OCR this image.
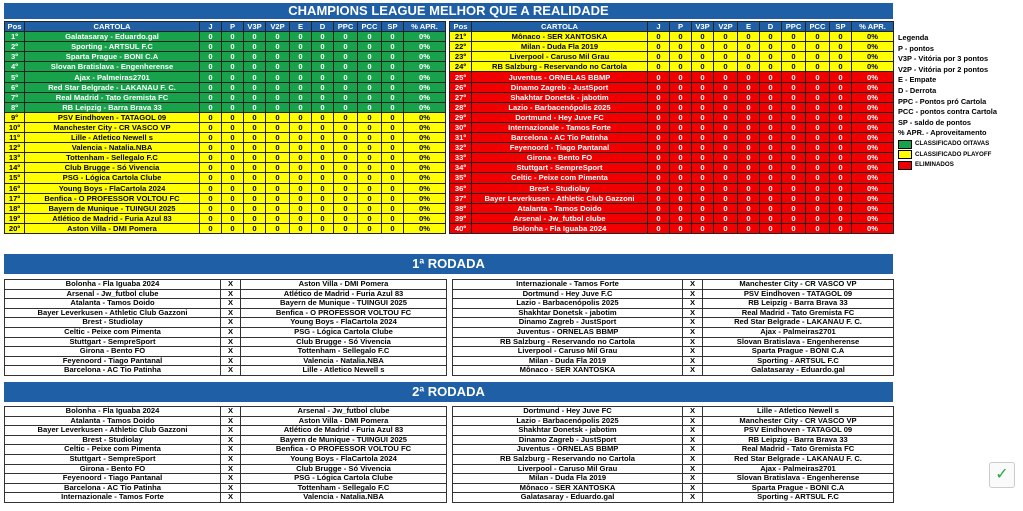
CHAMPIONS LEAGUE MELHOR QUE A REALIDADE
Pos	CARTOLA	J	P	V3P	V2P	E	D	PPC	PCC	SP	% APR.
1º	Galatasaray - Eduardo.gal	0	0	0	0	0	0	0	0	0	0%
2º	Sporting - ARTSUL F.C	0	0	0	0	0	0	0	0	0	0%
3º	Sparta Prague - BONI C.A	0	0	0	0	0	0	0	0	0	0%
4º	Slovan Bratislava - Engenherense	0	0	0	0	0	0	0	0	0	0%
5º	Ajax - Palmeiras2701	0	0	0	0	0	0	0	0	0	0%
6º	Red Star Belgrade - LAKANAU F. C.	0	0	0	0	0	0	0	0	0	0%
7º	Real Madrid - Tato Gremista FC	0	0	0	0	0	0	0	0	0	0%
8º	RB Leipzig - Barra Brava 33	0	0	0	0	0	0	0	0	0	0%
9º	PSV Eindhoven - TATAGOL 09	0	0	0	0	0	0	0	0	0	0%
10º	Manchester City - CR VASCO VP	0	0	0	0	0	0	0	0	0	0%
11º	Lille - Atletico Newell s	0	0	0	0	0	0	0	0	0	0%
12º	Valencia - Natalia.NBA	0	0	0	0	0	0	0	0	0	0%
13º	Tottenham - Sellegalo F.C	0	0	0	0	0	0	0	0	0	0%
14º	Club Brugge - Só Vivencia	0	0	0	0	0	0	0	0	0	0%
15º	PSG - Lógica Cartola Clube	0	0	0	0	0	0	0	0	0	0%
16º	Young Boys - FlaCartola 2024	0	0	0	0	0	0	0	0	0	0%
17º	Benfica - O PROFESSOR VOLTOU FC	0	0	0	0	0	0	0	0	0	0%
18º	Bayern de Munique - TUINGUI 2025	0	0	0	0	0	0	0	0	0	0%
19º	Atlético de Madrid - Furia Azul 83	0	0	0	0	0	0	0	0	0	0%
20º	Aston Villa - DMI Pomera	0	0	0	0	0	0	0	0	0	0%
Pos	CARTOLA	J	P	V3P	V2P	E	D	PPC	PCC	SP	% APR.
21º	Mônaco - SER XANTOSKA	0	0	0	0	0	0	0	0	0	0%
22º	Milan - Duda Fla 2019	0	0	0	0	0	0	0	0	0	0%
23º	Liverpool - Caruso Mil Grau	0	0	0	0	0	0	0	0	0	0%
24º	RB Salzburg - Reservando no Cartola	0	0	0	0	0	0	0	0	0	0%
25º	Juventus - ORNELAS BBMP	0	0	0	0	0	0	0	0	0	0%
26º	Dinamo Zagreb - JustSport	0	0	0	0	0	0	0	0	0	0%
27º	Shakhtar Donetsk - jabotim	0	0	0	0	0	0	0	0	0	0%
28º	Lazio - Barbacenópolis 2025	0	0	0	0	0	0	0	0	0	0%
29º	Dortmund - Hey Juve FC	0	0	0	0	0	0	0	0	0	0%
30º	Internazionale - Tamos Forte	0	0	0	0	0	0	0	0	0	0%
31º	Barcelona - AC Tio Patinha	0	0	0	0	0	0	0	0	0	0%
32º	Feyenoord - Tiago Pantanal	0	0	0	0	0	0	0	0	0	0%
33º	Girona - Bento FO	0	0	0	0	0	0	0	0	0	0%
34º	Stuttgart - SempreSport	0	0	0	0	0	0	0	0	0	0%
35º	Celtic - Peixe com Pimenta	0	0	0	0	0	0	0	0	0	0%
36º	Brest - Studiolay	0	0	0	0	0	0	0	0	0	0%
37º	Bayer Leverkusen - Athletic Club Gazzoni	0	0	0	0	0	0	0	0	0	0%
38º	Atalanta - Tamos Doido	0	0	0	0	0	0	0	0	0	0%
39º	Arsenal - Jw_futbol clube	0	0	0	0	0	0	0	0	0	0%
40º	Bolonha - Fla Iguaba 2024	0	0	0	0	0	0	0	0	0	0%
Legenda
P - pontos
V3P - Vitória por 3 pontos
V2P - Vitória por 2 pontos
E - Empate
D - Derrota
PPC - Pontos pró Cartola
PCC - pontos contra Cartola
SP - saldo de pontos
% APR. - Aproveitamento
CLASSIFICADO OITAVAS
CLASSIFICADO PLAYOFF
ELIMINADOS
1ª RODADA
Bolonha - Fla Iguaba 2024	X	Aston Villa - DMI Pomera		Internazionale - Tamos Forte	X	Manchester City - CR VASCO VP
Arsenal - Jw_futbol clube	X	Atlético de Madrid - Furia Azul 83		Dortmund - Hey Juve F.C	X	PSV Eindhoven - TATAGOL 09
Atalanta - Tamos Doido	X	Bayern de Munique - TUINGUI 2025		Lazio - Barbacenópolis 2025	X	RB Leipzig - Barra Brava 33
Bayer Leverkusen - Athletic Club Gazzoni	X	Benfica - O PROFESSOR VOLTOU FC		Shakhtar Donetsk - jabotim	X	Real Madrid - Tato Gremista FC
Brest - Studiolay	X	Young Boys - FlaCartola 2024		Dinamo Zagreb - JustSport	X	Red Star Belgrade - LAKANAU F. C.
Celtic - Peixe com Pimenta	X	PSG - Lógica Cartola Clube		Juventus - ORNELAS BBMP	X	Ajax - Palmeiras2701
Stuttgart - SempreSport	X	Club Brugge - Só Vivencia		RB Salzburg - Reservando no Cartola	X	Slovan Bratislava - Engenherense
Girona - Bento FO	X	Tottenham - Sellegalo F.C		Liverpool - Caruso Mil Grau	X	Sparta Prague - BONI C.A
Feyenoord - Tiago Pantanal	X	Valencia - Natalia.NBA		Milan - Duda Fla 2019	X	Sporting - ARTSUL F.C
Barcelona - AC Tio Patinha	X	Lille - Atletico Newell s		Mônaco - SER XANTOSKA	X	Galatasaray - Eduardo.gal
2ª RODADA
Bolonha - Fla Iguaba 2024	X	Arsenal - Jw_futbol clube		Dortmund - Hey Juve FC	X	Lille - Atletico Newell s
Atalanta - Tamos Doido	X	Aston Villa - DMI Pomera		Lazio - Barbacenópolis 2025	X	Manchester City - CR VASCO VP
Bayer Leverkusen - Athletic Club Gazzoni	X	Atlético de Madrid - Furia Azul 83		Shakhtar Donetsk - jabotim	X	PSV Eindhoven - TATAGOL 09
Brest - Studiolay	X	Bayern de Munique - TUINGUI 2025		Dinamo Zagreb - JustSport	X	RB Leipzig - Barra Brava 33
Celtic - Peixe com Pimenta	X	Benfica - O PROFESSOR VOLTOU FC		Juventus - ORNELAS BBMP	X	Real Madrid - Tato Gremista FC
Stuttgart - SempreSport	X	Young Boys - FlaCartola 2024		RB Salzburg - Reservando no Cartola	X	Red Star Belgrade - LAKANAU F. C.
Girona - Bento FO	X	Club Brugge - Só Vivencia		Liverpool - Caruso Mil Grau	X	Ajax - Palmeiras2701
Feyenoord - Tiago Pantanal	X	PSG - Lógica Cartola Clube		Milan - Duda Fla 2019	X	Slovan Bratislava - Engenherense
Barcelona - AC Tio Patinha	X	Tottenham - Sellegalo F.C		Mônaco - SER XANTOSKA	X	Sparta Prague - BONI C.A
Internazionale - Tamos Forte	X	Valencia - Natalia.NBA		Galatasaray - Eduardo.gal	X	Sporting - ARTSUL F.C
✓
